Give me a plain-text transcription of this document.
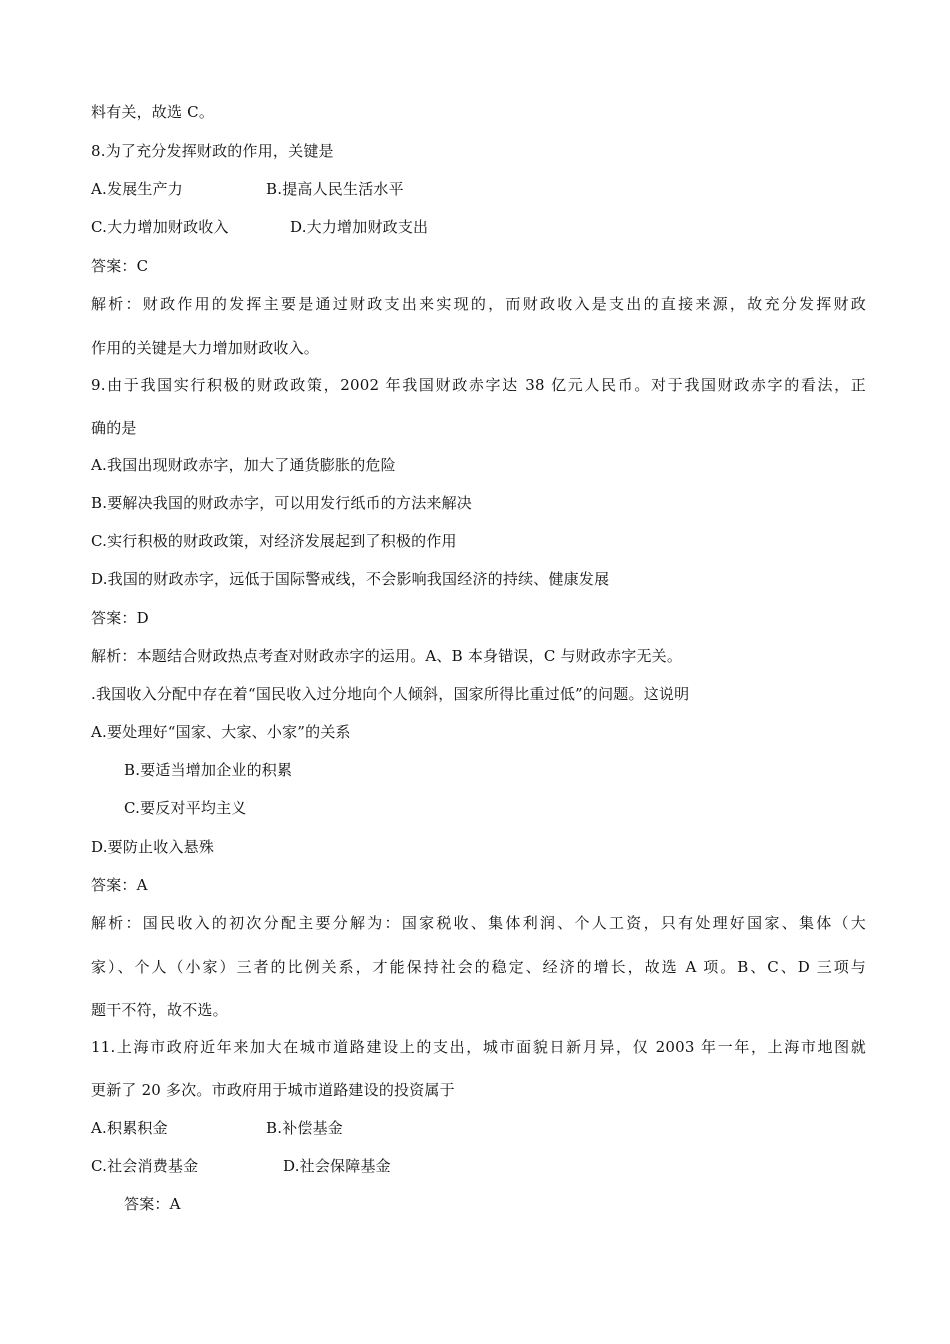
料有关，故选 C。
8.为了充分发挥财政的作用，关键是
A.发展生产力	B.提高人民生活水平
C.大力增加财政收入	D.大力增加财政支出
答案：C
解析：财政作用的发挥主要是通过财政支出来实现的，而财政收入是支出的直接来源，故充分发挥财政
作用的关键是大力增加财政收入。
9.由于我国实行积极的财政政策，2002 年我国财政赤字达 38 亿元人民币。对于我国财政赤字的看法，正
确的是
A.我国出现财政赤字，加大了通货膨胀的危险
B.要解决我国的财政赤字，可以用发行纸币的方法来解决
C.实行积极的财政政策，对经济发展起到了积极的作用
D.我国的财政赤字，远低于国际警戒线，不会影响我国经济的持续、健康发展
答案：D
解析：本题结合财政热点考查对财政赤字的运用。A、B 本身错误，C 与财政赤字无关。
.我国收入分配中存在着“国民收入过分地向个人倾斜，国家所得比重过低”的问题。这说明
A.要处理好“国家、大家、小家”的关系
B.要适当增加企业的积累
C.要反对平均主义
D.要防止收入悬殊
答案：A
解析：国民收入的初次分配主要分解为：国家税收、集体利润、个人工资，只有处理好国家、集体（大
家）、个人（小家）三者的比例关系，才能保持社会的稳定、经济的增长，故选 A 项。B、C、D 三项与
题干不符，故不选。
11.上海市政府近年来加大在城市道路建设上的支出，城市面貌日新月异，仅 2003 年一年，上海市地图就
更新了 20 多次。市政府用于城市道路建设的投资属于
A.积累积金	B.补偿基金
C.社会消费基金	D.社会保障基金
答案：A
